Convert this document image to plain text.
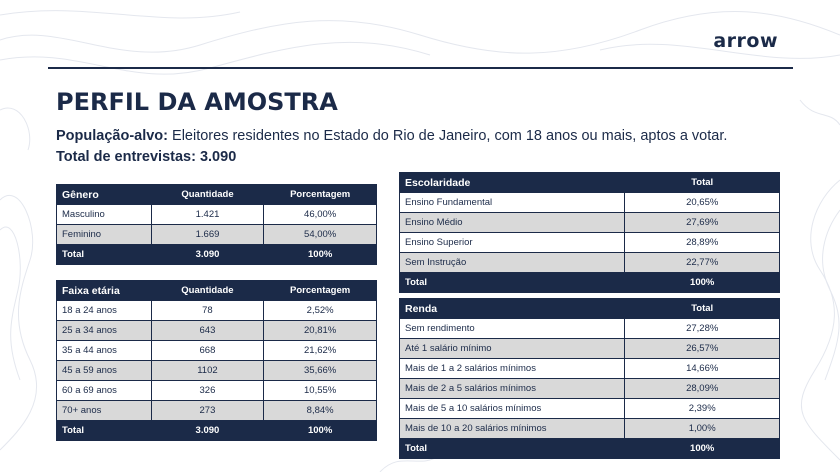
arrow
PERFIL DA AMOSTRA
População-alvo: Eleitores residentes no Estado do Rio de Janeiro, com 18 anos ou mais, aptos a votar.
Total de entrevistas: 3.090
Gênero	Quantidade	Porcentagem
Masculino	1.421	46,00%
Feminino	1.669	54,00%
Total	3.090	100%
Faixa etária	Quantidade	Porcentagem
18 a 24 anos	78	2,52%
25 a 34 anos	643	20,81%
35 a 44 anos	668	21,62%
45 a 59 anos	1102	35,66%
60 a 69 anos	326	10,55%
70+ anos	273	8,84%
Total	3.090	100%
Escolaridade	Total
Ensino Fundamental	20,65%
Ensino Médio	27,69%
Ensino Superior	28,89%
Sem Instrução	22,77%
Total	100%
Renda	Total
Sem rendimento	27,28%
Até 1 salário mínimo	26,57%
Mais de 1 a 2 salários mínimos	14,66%
Mais de 2 a 5 salários mínimos	28,09%
Mais de 5 a 10 salários mínimos	2,39%
Mais de 10 a 20 salários mínimos	1,00%
Total	100%
